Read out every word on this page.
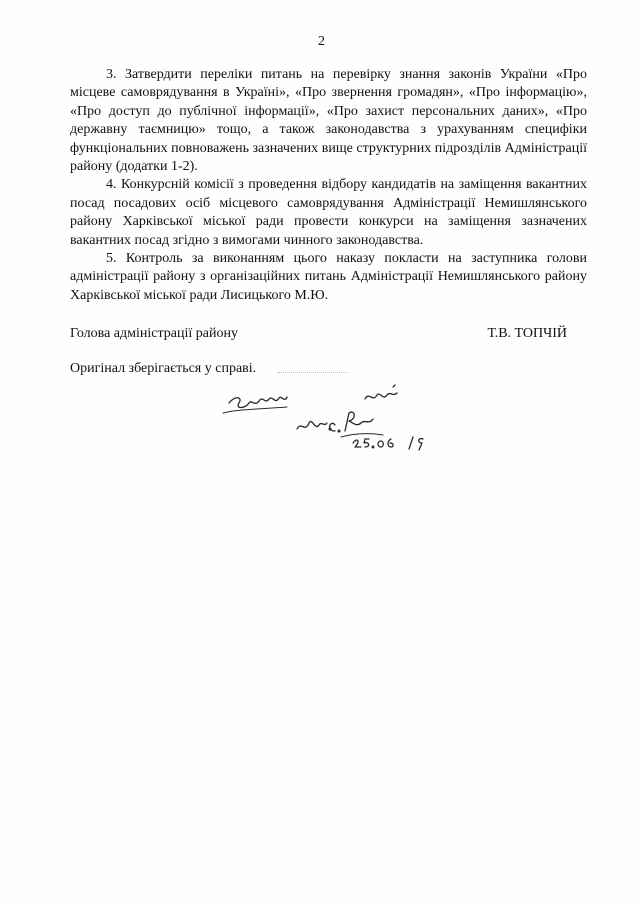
2

3. Затвердити переліки питань на перевірку знання законів України «Про місцеве самоврядування в Україні», «Про звернення громадян», «Про інформацію», «Про доступ до публічної інформації», «Про захист персональних даних», «Про державну таємницю» тощо, а також законодавства з урахуванням специфіки функціональних повноважень зазначених вище структурних підрозділів Адміністрації району (додатки 1-2).

4. Конкурсній комісії з проведення відбору кандидатів на заміщення вакантних посад посадових осіб місцевого самоврядування Адміністрації Немишлянського району Харківської міської ради провести конкурси на заміщення зазначених вакантних посад згідно з вимогами чинного законодавства.

5. Контроль за виконанням цього наказу покласти на заступника голови адміністрації району з організаційних питань Адміністрації Немишлянського району Харківської міської ради Лисицького М.Ю.

Голова адміністрації району	Т.В. ТОПЧІЙ
Оригінал зберігається у справі.
